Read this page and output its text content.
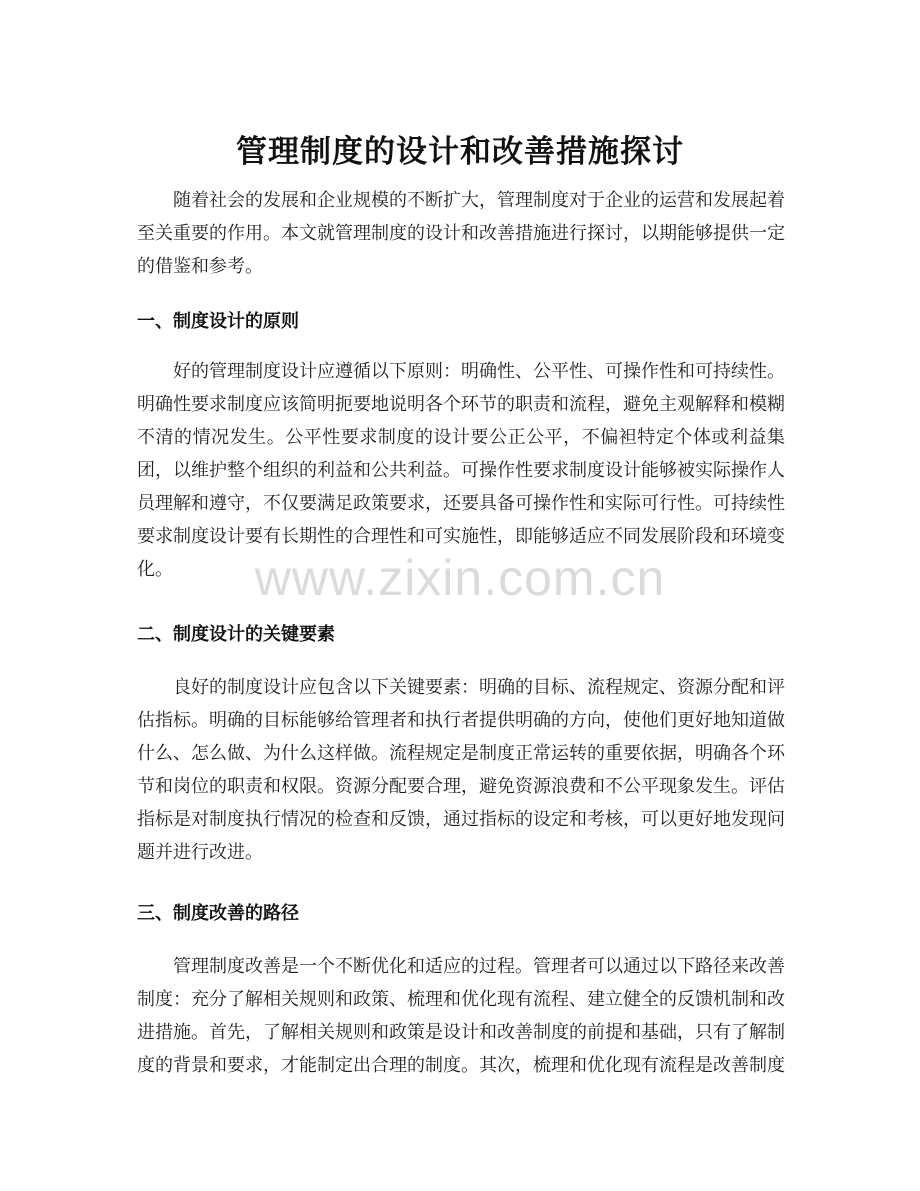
管理制度的设计和改善措施探讨

随着社会的发展和企业规模的不断扩大，管理制度对于企业的运营和发展起着至关重要的作用。本文就管理制度的设计和改善措施进行探讨，以期能够提供一定的借鉴和参考。

一、制度设计的原则

好的管理制度设计应遵循以下原则：明确性、公平性、可操作性和可持续性。明确性要求制度应该简明扼要地说明各个环节的职责和流程，避免主观解释和模糊不清的情况发生。公平性要求制度的设计要公正公平，不偏袒特定个体或利益集团，以维护整个组织的利益和公共利益。可操作性要求制度设计能够被实际操作人员理解和遵守，不仅要满足政策要求，还要具备可操作性和实际可行性。可持续性要求制度设计要有长期性的合理性和可实施性，即能够适应不同发展阶段和环境变化。

二、制度设计的关键要素

良好的制度设计应包含以下关键要素：明确的目标、流程规定、资源分配和评估指标。明确的目标能够给管理者和执行者提供明确的方向，使他们更好地知道做什么、怎么做、为什么这样做。流程规定是制度正常运转的重要依据，明确各个环节和岗位的职责和权限。资源分配要合理，避免资源浪费和不公平现象发生。评估指标是对制度执行情况的检查和反馈，通过指标的设定和考核，可以更好地发现问题并进行改进。

三、制度改善的路径

管理制度改善是一个不断优化和适应的过程。管理者可以通过以下路径来改善制度：充分了解相关规则和政策、梳理和优化现有流程、建立健全的反馈机制和改进措施。首先，了解相关规则和政策是设计和改善制度的前提和基础，只有了解制度的背景和要求，才能制定出合理的制度。其次，梳理和优化现有流程是改善制度

www.zixin.com.cn
